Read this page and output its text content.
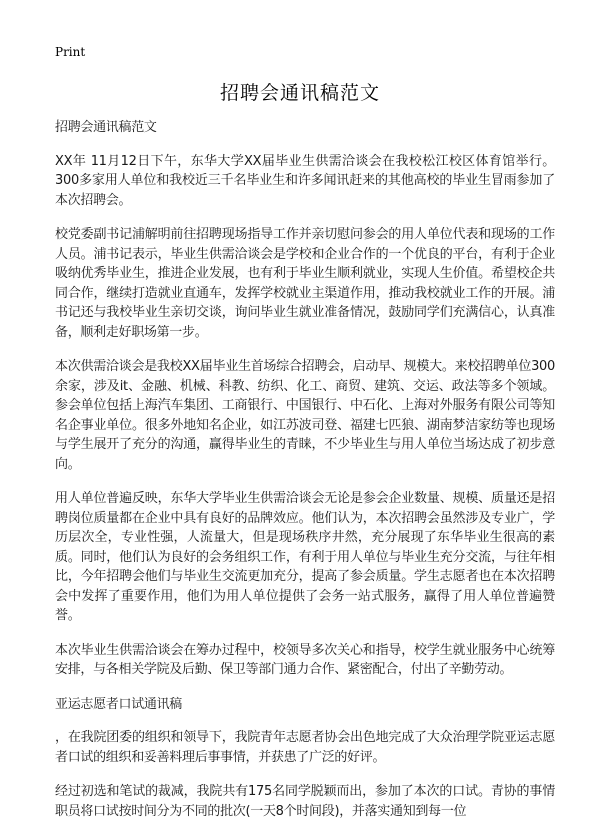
Print
招聘会通讯稿范文

招聘会通讯稿范文

XX年 11月12日下午，东华大学XX届毕业生供需洽谈会在我校松江校区体育馆举行。300多家用人单位和我校近三千名毕业生和许多闻讯赶来的其他高校的毕业生冒雨参加了本次招聘会。

校党委副书记浦解明前往招聘现场指导工作并亲切慰问参会的用人单位代表和现场的工作人员。浦书记表示，毕业生供需洽谈会是学校和企业合作的一个优良的平台，有利于企业吸纳优秀毕业生，推进企业发展，也有利于毕业生顺利就业，实现人生价值。希望校企共同合作，继续打造就业直通车，发挥学校就业主渠道作用，推动我校就业工作的开展。浦书记还与我校毕业生亲切交谈，询问毕业生就业准备情况，鼓励同学们充满信心，认真准备，顺利走好职场第一步。

本次供需洽谈会是我校XX届毕业生首场综合招聘会，启动早、规模大。来校招聘单位300余家，涉及it、金融、机械、科教、纺织、化工、商贸、建筑、交运、政法等多个领域。参会单位包括上海汽车集团、工商银行、中国银行、中石化、上海对外服务有限公司等知名企事业单位。很多外地知名企业，如江苏波司登、福建七匹狼、湖南梦洁家纺等也现场与学生展开了充分的沟通，赢得毕业生的青睐，不少毕业生与用人单位当场达成了初步意向。

用人单位普遍反映，东华大学毕业生供需洽谈会无论是参会企业数量、规模、质量还是招聘岗位质量都在企业中具有良好的品牌效应。他们认为，本次招聘会虽然涉及专业广，学历层次全，专业性强，人流量大，但是现场秩序井然，充分展现了东华毕业生很高的素质。同时，他们认为良好的会务组织工作，有利于用人单位与毕业生充分交流，与往年相比，今年招聘会他们与毕业生交流更加充分，提高了参会质量。学生志愿者也在本次招聘会中发挥了重要作用，他们为用人单位提供了会务一站式服务，赢得了用人单位普遍赞誉。

本次毕业生供需洽谈会在筹办过程中，校领导多次关心和指导，校学生就业服务中心统筹安排，与各相关学院及后勤、保卫等部门通力合作、紧密配合，付出了辛勤劳动。

亚运志愿者口试通讯稿

，在我院团委的组织和领导下，我院青年志愿者协会出色地完成了大众治理学院亚运志愿者口试的组织和妥善料理后事事情，并获患了广泛的好评。

经过初选和笔试的裁减，我院共有175名同学脱颖而出，参加了本次的口试。青协的事情职员将口试按时间分为不同的批次(一天8个时间段)，并落实通知到每一位
